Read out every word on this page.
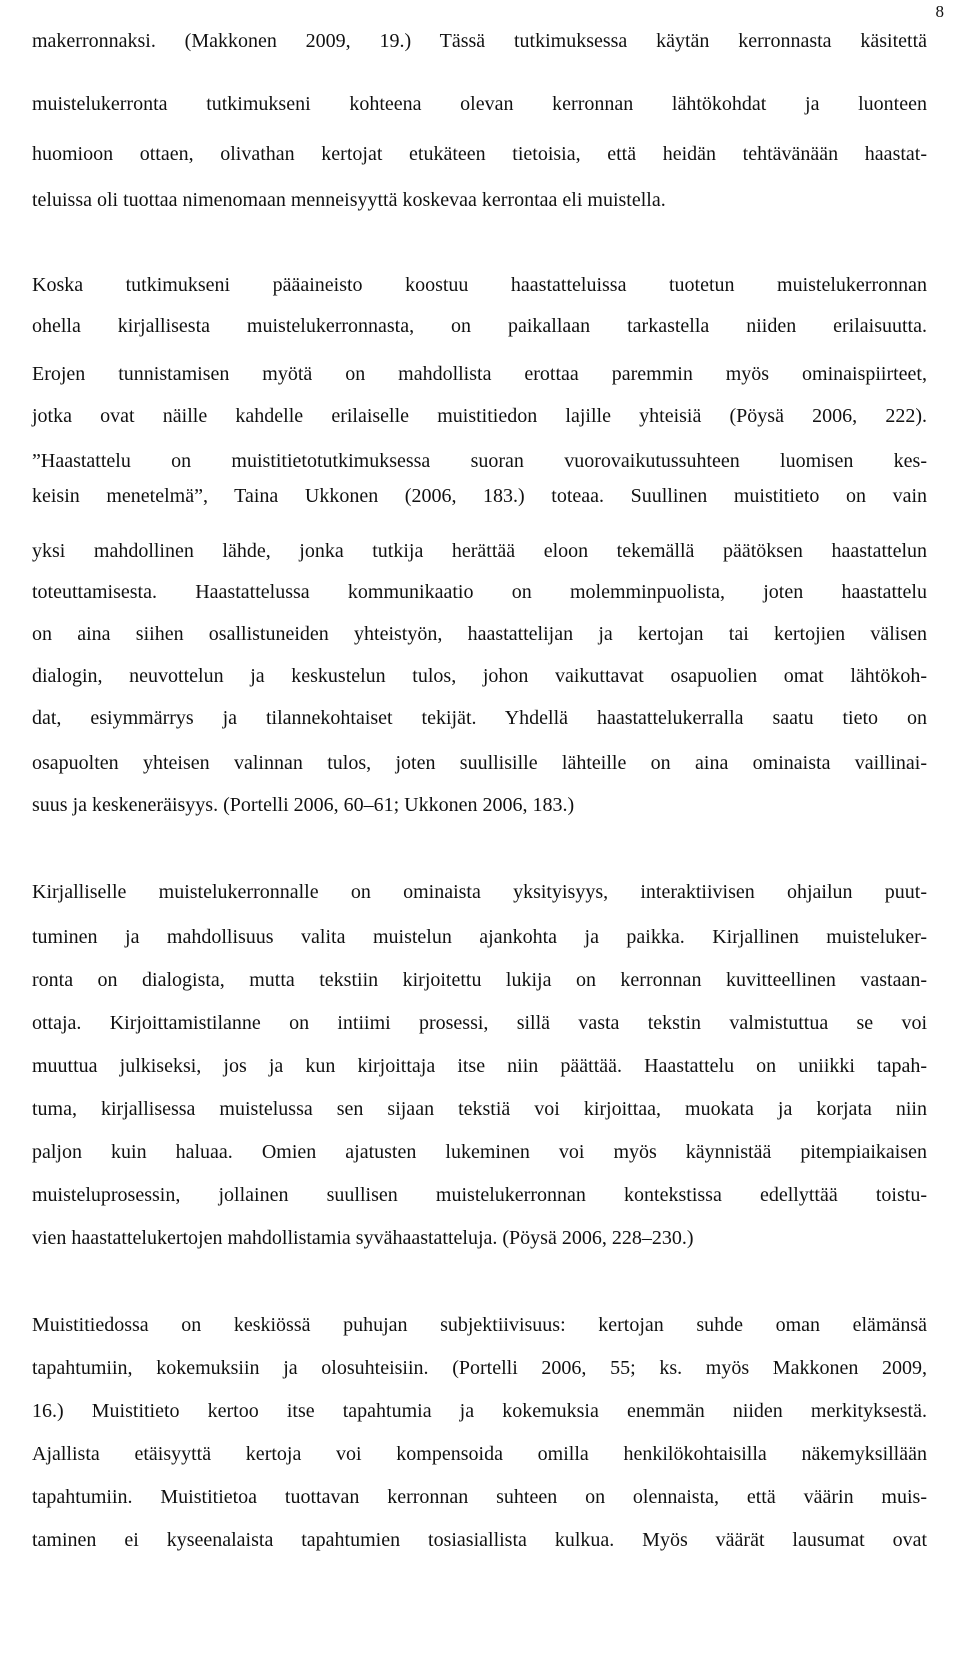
8
makerronnaksi. (Makkonen 2009, 19.) Tässä tutkimuksessa käytän kerronnasta käsitettä
muistelukerronta tutkimukseni kohteena olevan kerronnan lähtökohdat ja luonteen
huomioon ottaen, olivathan kertojat etukäteen tietoisia, että heidän tehtävänään haastat-
teluissa oli tuottaa nimenomaan menneisyyttä koskevaa kerrontaa eli muistella.
Koska tutkimukseni pääaineisto koostuu haastatteluissa tuotetun muistelukerronnan
ohella kirjallisesta muistelukerronnasta, on paikallaan tarkastella niiden erilaisuutta.
Erojen tunnistamisen myötä on mahdollista erottaa paremmin myös ominaispiirteet,
jotka ovat näille kahdelle erilaiselle muistitiedon lajille yhteisiä (Pöysä 2006, 222).
”Haastattelu on muistitietotutkimuksessa suoran vuorovaikutussuhteen luomisen kes-
keisin menetelmä”, Taina Ukkonen (2006, 183.) toteaa. Suullinen muistitieto on vain
yksi mahdollinen lähde, jonka tutkija herättää eloon tekemällä päätöksen haastattelun
toteuttamisesta. Haastattelussa kommunikaatio on molemminpuolista, joten haastattelu
on aina siihen osallistuneiden yhteistyön, haastattelijan ja kertojan tai kertojien välisen
dialogin, neuvottelun ja keskustelun tulos, johon vaikuttavat osapuolien omat lähtökoh-
dat, esiymmärrys ja tilannekohtaiset tekijät. Yhdellä haastattelukerralla saatu tieto on
osapuolten yhteisen valinnan tulos, joten suullisille lähteille on aina ominaista vaillinai-
suus ja keskeneräisyys. (Portelli 2006, 60–61; Ukkonen 2006, 183.)
Kirjalliselle muistelukerronnalle on ominaista yksityisyys, interaktiivisen ohjailun puut-
tuminen ja mahdollisuus valita muistelun ajankohta ja paikka. Kirjallinen muisteluker-
ronta on dialogista, mutta tekstiin kirjoitettu lukija on kerronnan kuvitteellinen vastaan-
ottaja. Kirjoittamistilanne on intiimi prosessi, sillä vasta tekstin valmistuttua se voi
muuttua julkiseksi, jos ja kun kirjoittaja itse niin päättää. Haastattelu on uniikki tapah-
tuma, kirjallisessa muistelussa sen sijaan tekstiä voi kirjoittaa, muokata ja korjata niin
paljon kuin haluaa. Omien ajatusten lukeminen voi myös käynnistää pitempiaikaisen
muisteluprosessin, jollainen suullisen muistelukerronnan kontekstissa edellyttää toistu-
vien haastattelukertojen mahdollistamia syvähaastatteluja. (Pöysä 2006, 228–230.)
Muistitiedossa on keskiössä puhujan subjektiivisuus: kertojan suhde oman elämänsä
tapahtumiin, kokemuksiin ja olosuhteisiin. (Portelli 2006, 55; ks. myös Makkonen 2009,
16.) Muistitieto kertoo itse tapahtumia ja kokemuksia enemmän niiden merkityksestä.
Ajallista etäisyyttä kertoja voi kompensoida omilla henkilökohtaisilla näkemyksillään
tapahtumiin. Muistitietoa tuottavan kerronnan suhteen on olennaista, että väärin muis-
taminen ei kyseenalaista tapahtumien tosiasiallista kulkua. Myös väärät lausumat ovat
